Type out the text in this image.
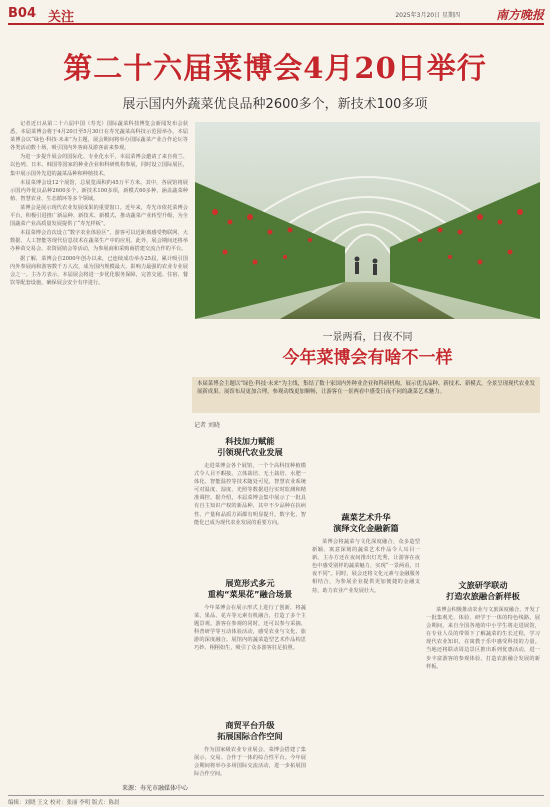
B04 关注	2025年3月20日 星期四	南方晚报
第二十六届菜博会4月20日举行
展示国内外蔬菜优良品种2600多个，新技术100多项

记者近日从第二十六届中国（寿光）国际蔬菜科技博览会新闻发布会获悉，本届菜博会将于4月20日至5月30日在寿光蔬菜高科技示范园举办。本届菜博会以“绿色·科技·未来”为主题，展会期间将举办国际蔬菜产业合作论坛等各类活动数十场，吸引国内外客商及游客前来参观。

为进一步提升展会的国际化、专业化水平，本届菜博会邀请了来自荷兰、以色列、日本、韩国等国家的种业企业和科研机构参展，同时设立国际展区，集中展示国外先进的蔬菜品种和种植技术。

本届菜博会设12个展馆，总展览面积约45万平方米。其中，各展馆将展示国内外优良品种2600多个，新技术100多项，新模式60多种，涵盖蔬菜种植、智慧农业、生态循环等多个领域。

菜博会是展示现代农业发展成果的重要窗口。近年来，寿光市依托菜博会平台，积极引进推广新品种、新技术、新模式，推动蔬菜产业转型升级，为全国蔬菜产业高质量发展提供了“寿光样板”。

本届菜博会首次设立“数字农业体验区”，游客可以近距离感受物联网、大数据、人工智能等现代信息技术在蔬菜生产中的应用。此外，展会期间还将举办种苗交易会、农资展销会等活动，为参展商和采购商搭建交流合作的平台。

据了解，菜博会自2000年创办以来，已连续成功举办25届，累计吸引国内外参展商和游客数千万人次，成为国内规模最大、影响力最强的农业专业展会之一。主办方表示，本届展会将进一步优化服务保障，完善交通、住宿、餐饮等配套设施，确保展会安全有序进行。

来源：寿光市融媒体中心
一景两看，日夜不同
今年菜博会有啥不一样
本届菜博会主题以“绿色·科技·未来”为主线，集结了数十家国内外种业企业和科研机构，展示优良品种、新技术、新模式，全景呈现现代农业发展新成果。展馆布局更加合理，参观动线更加顺畅，让游客在一景两看中感受日夜不同的蔬菜艺术魅力。
记者 刘晓
科技加力赋能
引领现代农业发展

走进菜博会各个展馆，一个个高科技种植模式令人目不暇接。立体栽培、无土栽培、水肥一体化、智能温控等技术随处可见，智慧农业系统可对温度、湿度、光照等数据进行实时监测和精准调控。据介绍，本届菜博会集中展示了一批具有自主知识产权的新品种，其中不少品种在抗病性、产量和品质方面都有明显提升。数字化、智能化已成为现代农业发展的重要方向。

展览形式多元
重构“菜果花”融合场景

今年菜博会在展示形式上进行了创新，将蔬菜、果品、花卉等元素有机融合，打造了多个主题景观。游客在参观的同时，还可以参与采摘、科普研学等互动体验活动，感受农业与文化、旅游的深度融合。展馆内的蔬菜造型艺术作品构思巧妙、栩栩如生，吸引了众多游客驻足拍照。

商贸平台升级
拓展国际合作空间

作为国家级农业专业展会，菜博会搭建了集展示、交易、合作于一体的综合性平台。今年展会期间将举办多场国际交流活动，进一步拓展国际合作空间。

蔬菜艺术升华
演绎文化金融新篇

菜博会将蔬菜与文化深度融合，众多造型新颖、寓意深刻的蔬菜艺术作品令人耳目一新。主办方还在夜间推出灯光秀，让游客在夜色中感受别样的蔬菜魅力，实现“一景两看，日夜不同”。同时，展会还将文化元素与金融服务相结合，为参展企业提供更加便捷的金融支持，助力农业产业发展壮大。

文旅研学联动
打造农旅融合新样板

菜博会积极推动农业与文旅深度融合，开发了一批集观光、体验、研学于一体的特色线路。展会期间，来自全国各地的中小学生将走进展馆，在专业人员的带领下了解蔬菜的生长过程，学习现代农业知识，在寓教于乐中感受科技的力量。当地还将联动周边景区推出系列优惠活动，进一步丰富游客的参观体验，打造农旅融合发展的新样板。

编辑：刘晓 王文 校对：张丽 李明 版式：陈晨
